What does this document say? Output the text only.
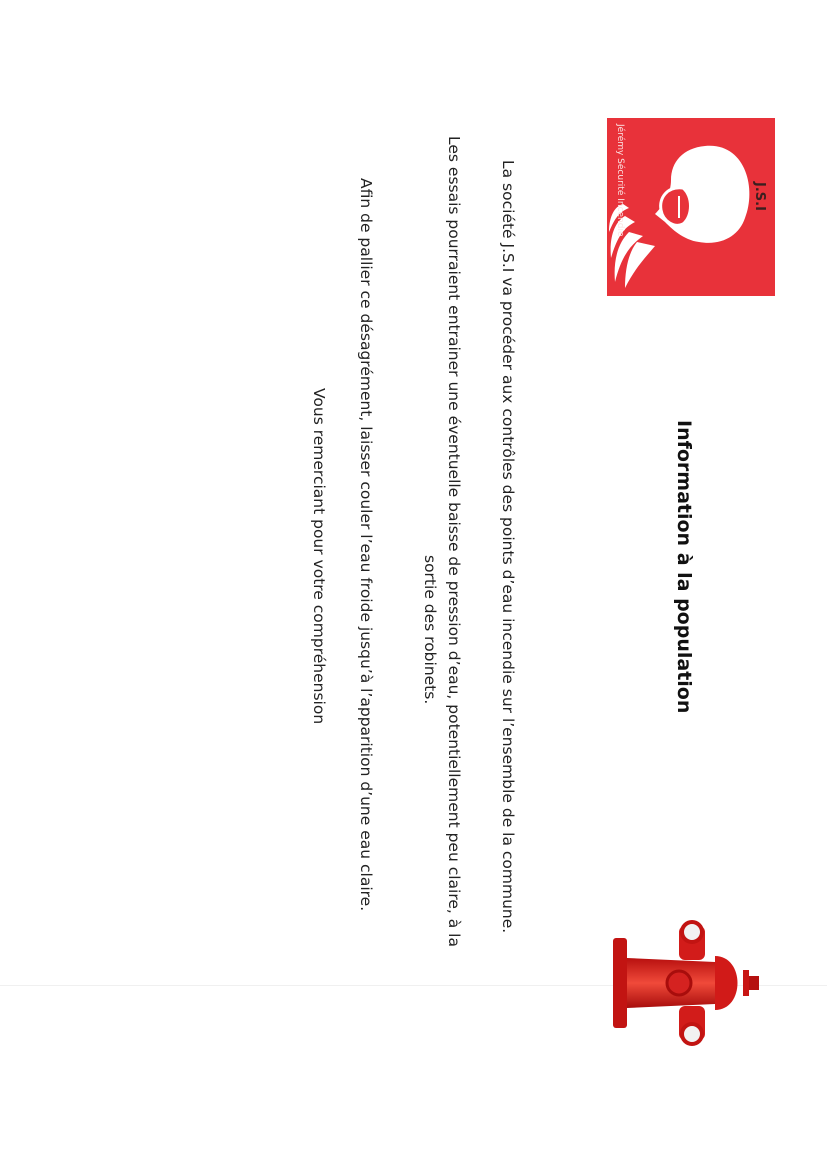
J.S.I
Jérémy Sécurité Incendie
Information à la population
La société J.S.I va procéder aux contrôles des points d’eau incendie sur l’ensemble de la commune.
Les essais pourraient entrainer une éventuelle baisse de pression d’eau, potentiellement peu claire, à la
sortie des robinets.
Afin de pallier ce désagrément, laisser couler l’eau froide jusqu’à l’apparition d’une eau claire.
Vous remerciant pour votre compréhension
